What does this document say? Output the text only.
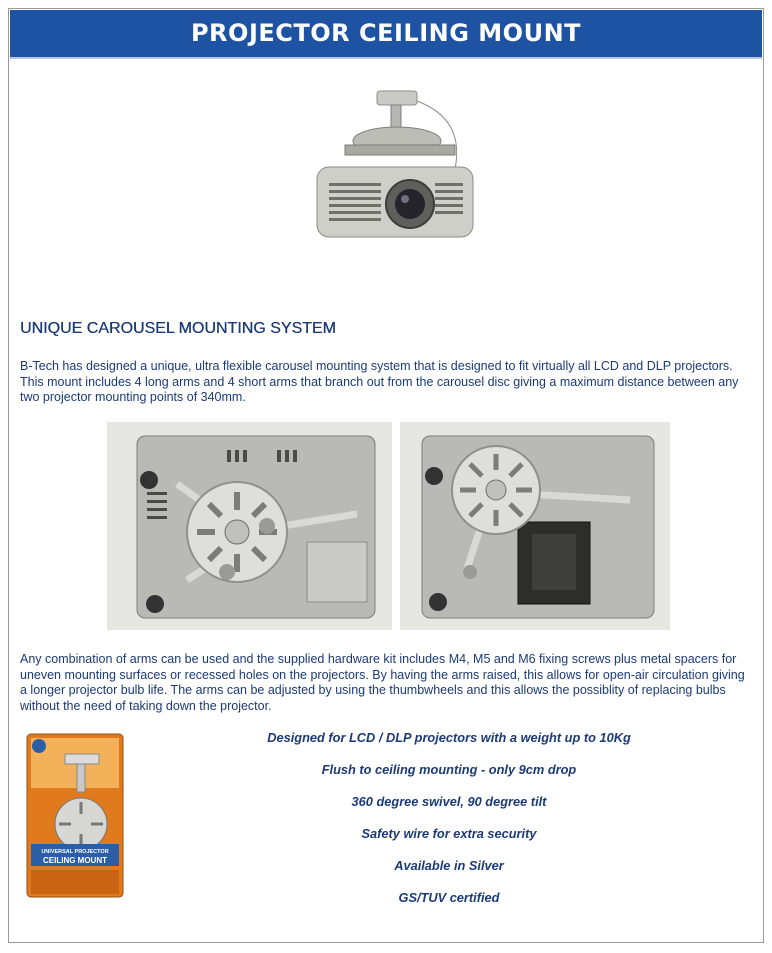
PROJECTOR CEILING MOUNT
UNIQUE CAROUSEL MOUNTING SYSTEM

B-Tech has designed a unique, ultra flexible carousel mounting system that is designed to fit virtually all LCD and DLP projectors. This mount includes 4 long arms and 4 short arms that branch out from the carousel disc giving a maximum distance between any two projector mounting points of 340mm.

Any combination of arms can be used and the supplied hardware kit includes M4, M5 and M6 fixing screws plus metal spacers for uneven mounting surfaces or recessed holes on the projectors. By having the arms raised, this allows for open-air circulation giving a longer projector bulb life. The arms can be adjusted by using the thumbwheels and this allows the possiblity of replacing bulbs without the need of taking down the projector.

UNIVERSAL PROJECTOR
CEILING MOUNT
Designed for LCD / DLP projectors with a weight up to 10Kg
Flush to ceiling mounting - only 9cm drop
360 degree swivel, 90 degree tilt
Safety wire for extra security
Available in Silver
GS/TUV certified
